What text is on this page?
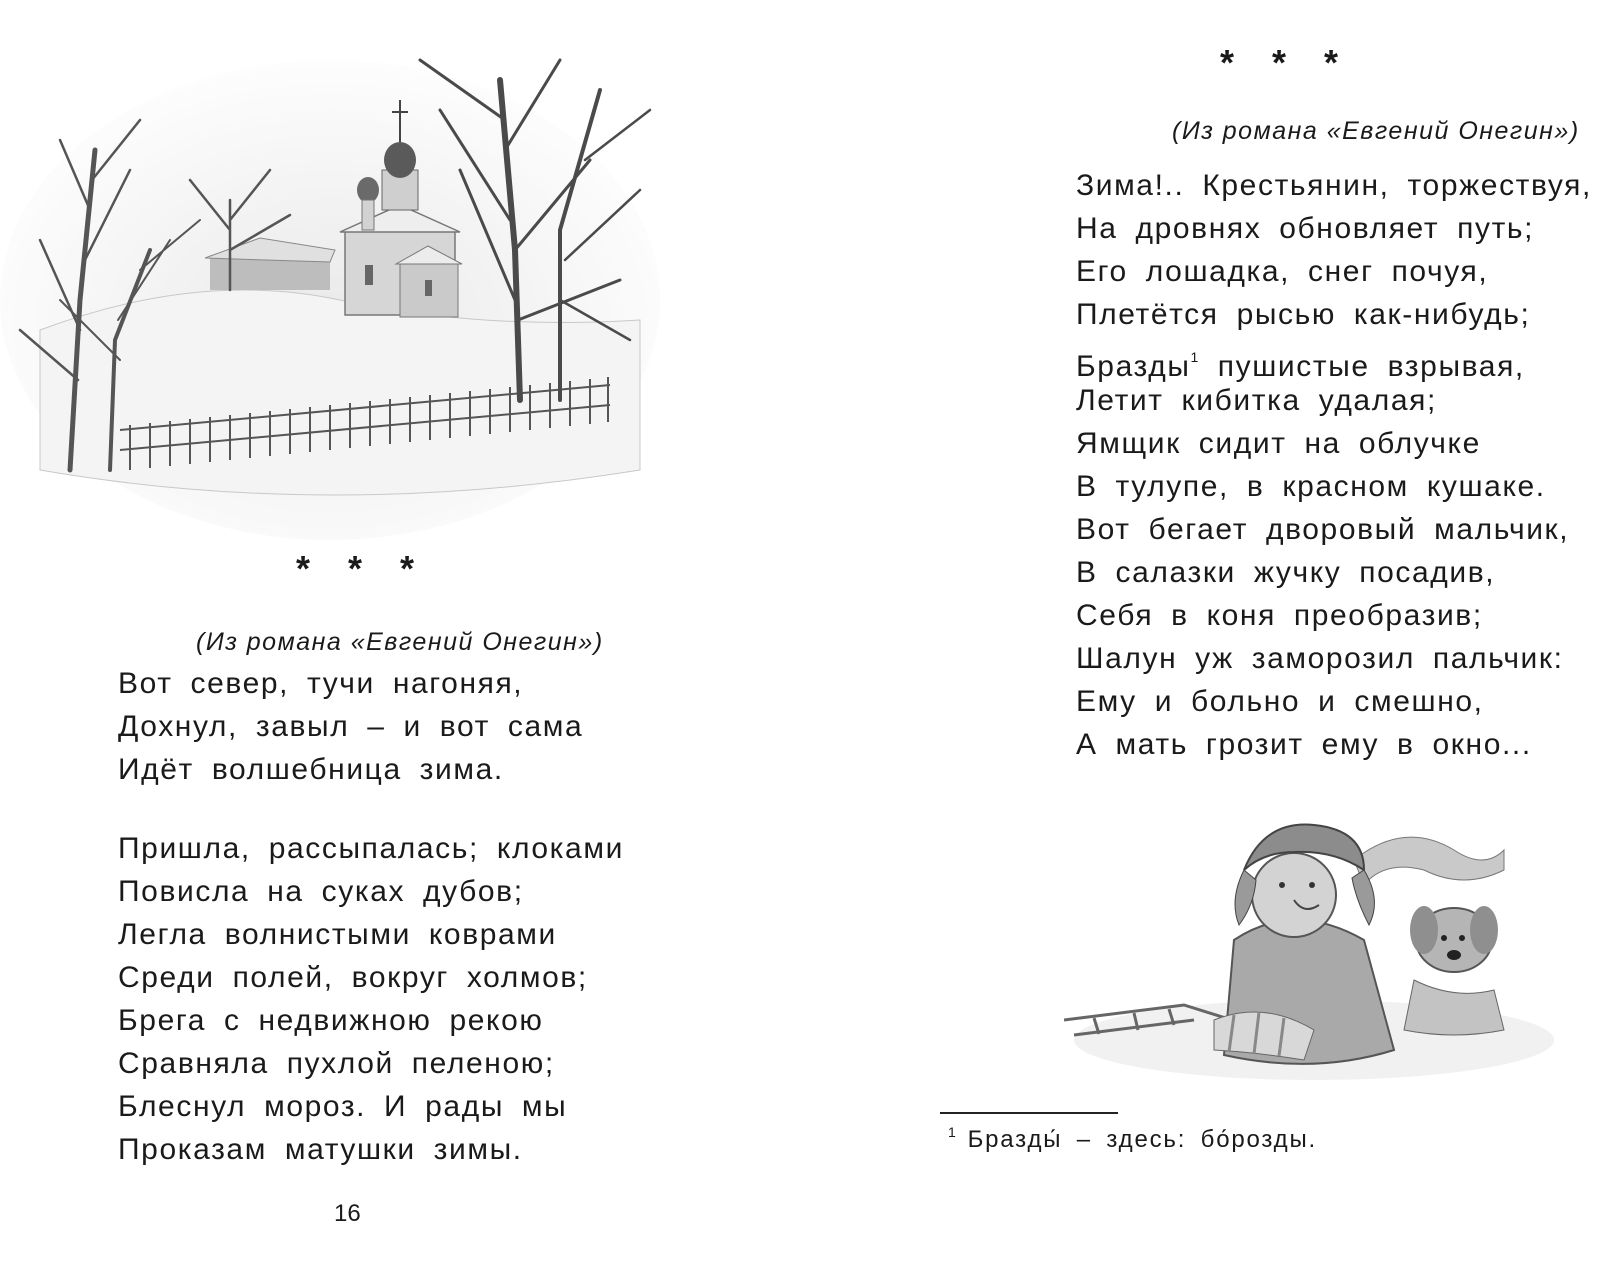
* * *
(Из романа «Евгений Онегин»)
Вот север, тучи нагоняя,
Дохнул, завыл – и вот сама
Идёт волшебница зима.
Пришла, рассыпалась; клоками
Повисла на суках дубов;
Легла волнистыми коврами
Среди полей, вокруг холмов;
Брега с недвижною рекою
Сравняла пухлой пеленою;
Блеснул мороз. И рады мы
Проказам матушки зимы.
16
* * *
(Из романа «Евгений Онегин»)
Зима!.. Крестьянин, торжествуя,
На дровнях обновляет путь;
Его лошадка, снег почуя,
Плетётся рысью как-нибудь;
Бразды$^1$ пушистые взрывая,
Летит кибитка удалая;
Ямщик сидит на облучке
В тулупе, в красном кушаке.
Вот бегает дворовый мальчик,
В салазки жучку посадив,
Себя в коня преобразив;
Шалун уж заморозил пальчик:
Ему и больно и смешно,
А мать грозит ему в окно...
$^1$ Бразды́ – здесь: бо́розды.
